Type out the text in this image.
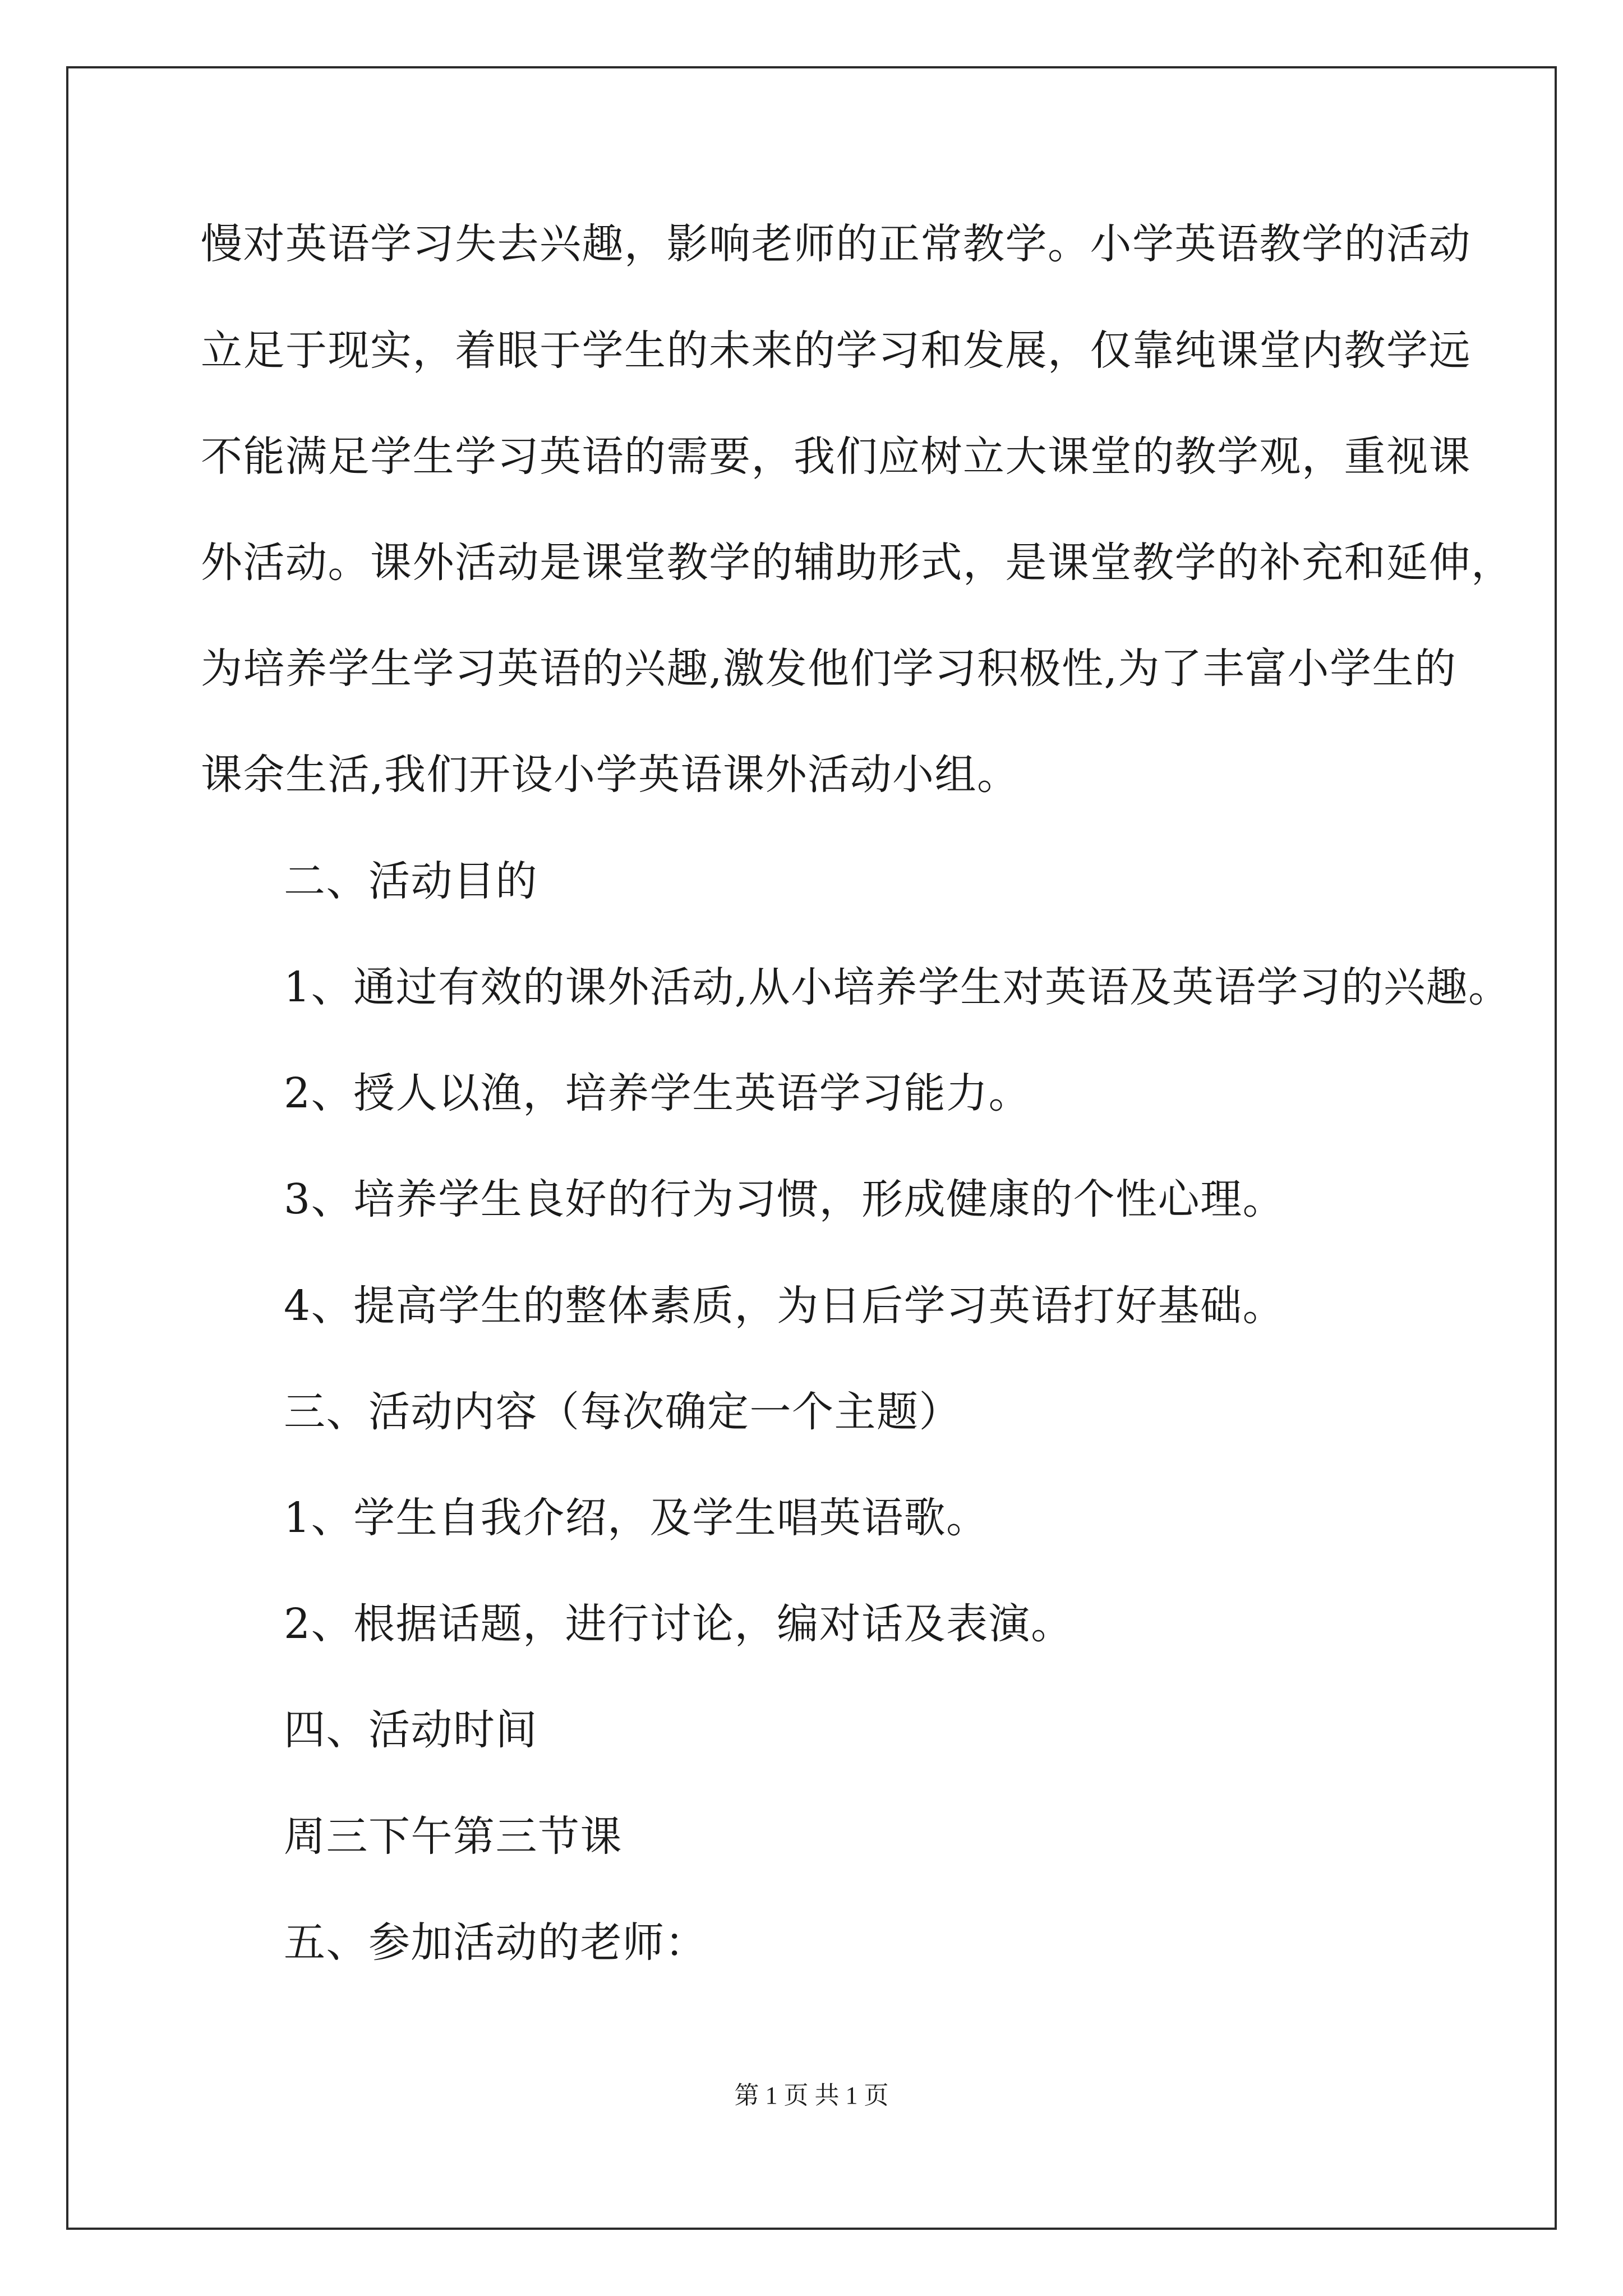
慢对英语学习失去兴趣，影响老师的正常教学。小学英语教学的活动
立足于现实，着眼于学生的未来的学习和发展，仅靠纯课堂内教学远
不能满足学生学习英语的需要，我们应树立大课堂的教学观，重视课
外活动。课外活动是课堂教学的辅助形式，是课堂教学的补充和延伸，
为培养学生学习英语的兴趣,激发他们学习积极性,为了丰富小学生的
课余生活,我们开设小学英语课外活动小组。
二、活动目的
1、通过有效的课外活动,从小培养学生对英语及英语学习的兴趣。
2、授人以渔，培养学生英语学习能力。
3、培养学生良好的行为习惯，形成健康的个性心理。
4、提高学生的整体素质，为日后学习英语打好基础。
三、活动内容（每次确定一个主题）
1、学生自我介绍，及学生唱英语歌。
2、根据话题，进行讨论，编对话及表演。
四、活动时间
周三下午第三节课
五、参加活动的老师：
第 1 页 共 1 页
